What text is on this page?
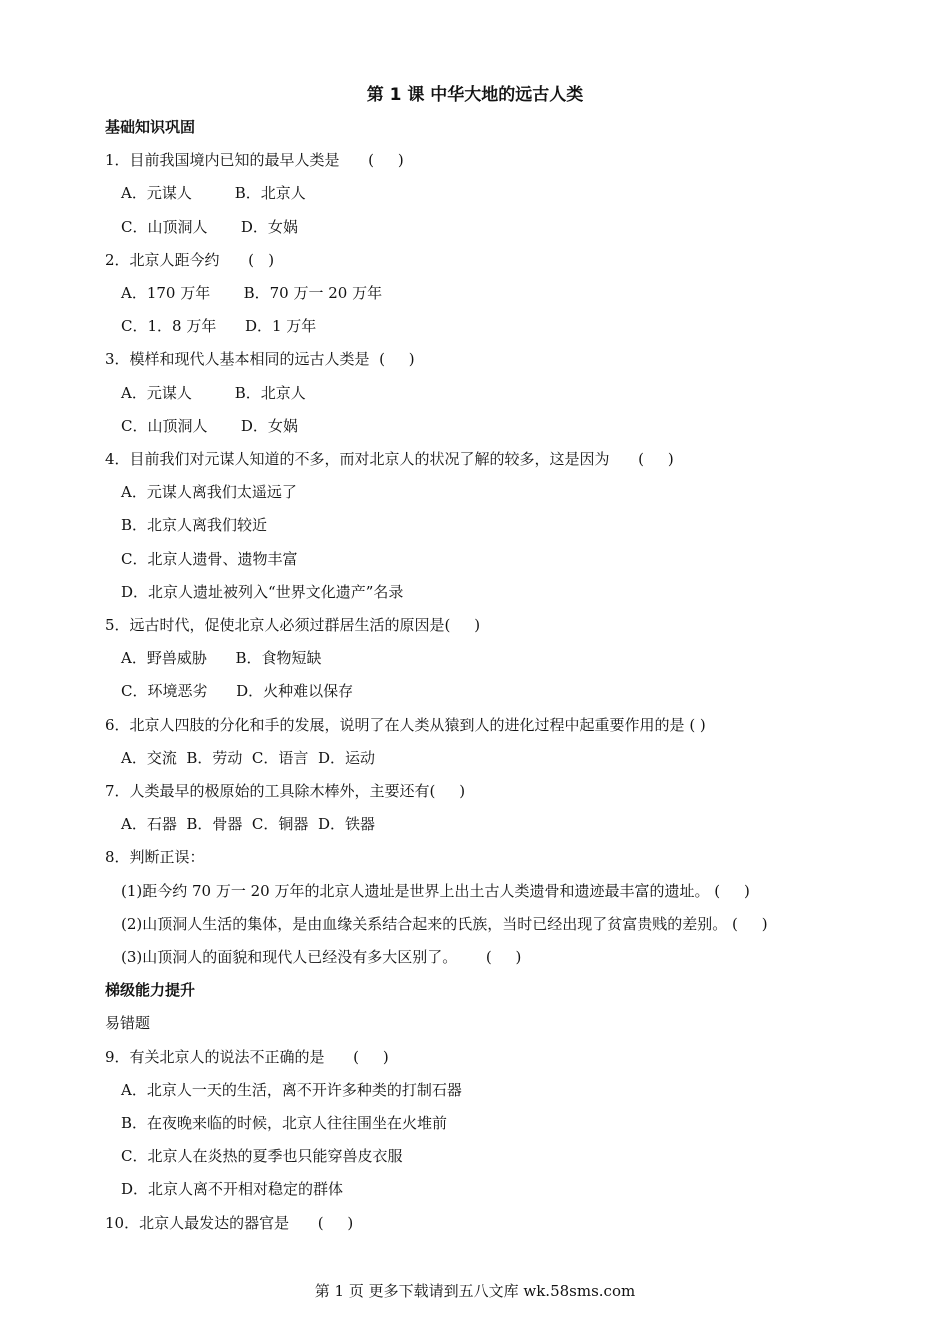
第 1 课 中华大地的远古人类
基础知识巩固
1．目前我国境内已知的最早人类是      (     )
A．元谋人         B．北京人
C．山顶洞人       D．女娲
2．北京人距今约      (   )
A．170 万年       B．70 万一 20 万年
C．1．8 万年      D．1 万年
3．模样和现代人基本相同的远古人类是  (     )
A．元谋人         B．北京人
C．山顶洞人       D．女娲
4．目前我们对元谋人知道的不多，而对北京人的状况了解的较多，这是因为      (     )
A．元谋人离我们太遥远了
B．北京人离我们较近
C．北京人遗骨、遗物丰富
D．北京人遗址被列入“世界文化遗产”名录
5．远古时代，促使北京人必须过群居生活的原因是(     )
A．野兽威胁      B．食物短缺
C．环境恶劣      D．火种难以保存
6．北京人四肢的分化和手的发展，说明了在人类从猿到人的进化过程中起重要作用的是 ( )
A．交流  B．劳动  C．语言  D．运动
7．人类最早的极原始的工具除木棒外，主要还有(     )
A．石器  B．骨器  C．铜器  D．铁器
8．判断正误：
(1)距今约 70 万一 20 万年的北京人遗址是世界上出土古人类遗骨和遗迹最丰富的遗址。 (     )
(2)山顶洞人生活的集体，是由血缘关系结合起来的氏族，当时已经出现了贫富贵贱的差别。 (     )
(3)山顶洞人的面貌和现代人已经没有多大区别了。      (     )
梯级能力提升
易错题
9．有关北京人的说法不正确的是      (     )
A．北京人一天的生活，离不开许多种类的打制石器
B．在夜晚来临的时候，北京人往往围坐在火堆前
C．北京人在炎热的夏季也只能穿兽皮衣服
D．北京人离不开相对稳定的群体
10．北京人最发达的器官是      (     )
第 1 页 更多下载请到五八文库 wk.58sms.com
